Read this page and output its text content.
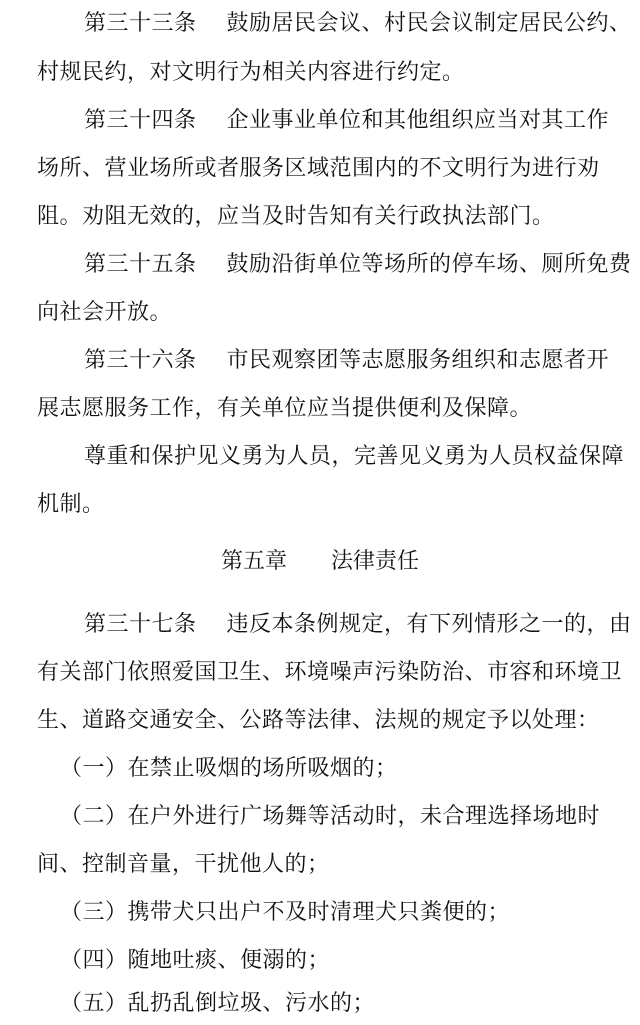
第三十三条 鼓励居民会议、村民会议制定居民公约、
村规民约，对文明行为相关内容进行约定。
第三十四条 企业事业单位和其他组织应当对其工作
场所、营业场所或者服务区域范围内的不文明行为进行劝
阻。劝阻无效的，应当及时告知有关行政执法部门。
第三十五条 鼓励沿街单位等场所的停车场、厕所免费
向社会开放。
第三十六条 市民观察团等志愿服务组织和志愿者开
展志愿服务工作，有关单位应当提供便利及保障。
尊重和保护见义勇为人员，完善见义勇为人员权益保障
机制。
第五章 法律责任
第三十七条 违反本条例规定，有下列情形之一的，由
有关部门依照爱国卫生、环境噪声污染防治、市容和环境卫
生、道路交通安全、公路等法律、法规的规定予以处理：
（一）在禁止吸烟的场所吸烟的；
（二）在户外进行广场舞等活动时，未合理选择场地时
间、控制音量，干扰他人的；
（三）携带犬只出户不及时清理犬只粪便的；
（四）随地吐痰、便溺的；
（五）乱扔乱倒垃圾、污水的；
